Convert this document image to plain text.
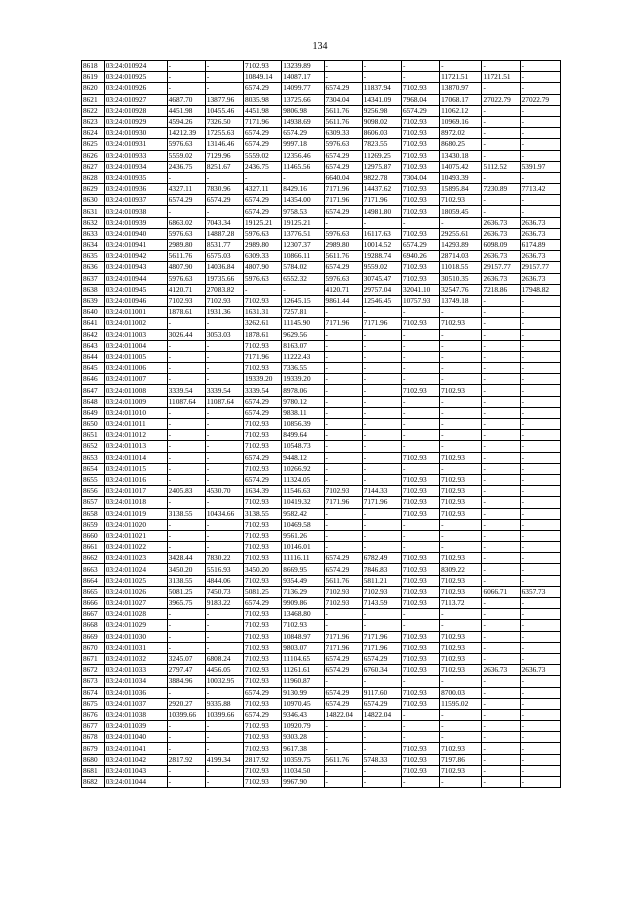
134
8618	03:24:010924	-	-	7102.93	13239.89	-	-	-	-	-	-
8619	03:24:010925	-	-	10849.14	14087.17	-	-	-	11721.51	11721.51	-
8620	03:24:010926	-	-	6574.29	14099.77	6574.29	11837.94	7102.93	13870.97	-	-
8621	03:24:010927	4687.70	13877.96	8035.98	13725.66	7304.04	14341.09	7968.04	17068.17	27022.79	27022.79
8622	03:24:010928	4451.98	10455.46	4451.98	9806.98	5611.76	9256.98	6574.29	11062.12	-	-
8623	03:24:010929	4594.26	7326.50	7171.96	14938.69	5611.76	9098.02	7102.93	10969.16	-	-
8624	03:24:010930	14212.39	17255.63	6574.29	6574.29	6309.33	8606.03	7102.93	8972.02	-	-
8625	03:24:010931	5976.63	13146.46	6574.29	9997.18	5976.63	7823.55	7102.93	8680.25	-	-
8626	03:24:010933	5559.02	7129.96	5559.02	12356.46	6574.29	11269.25	7102.93	13430.18	-	-
8627	03:24:010934	2436.75	8251.67	2436.75	11465.56	6574.29	12975.87	7102.93	14075.42	5112.52	5391.97
8628	03:24:010935	-	-	-	-	6640.04	9822.78	7304.04	10493.39	-	-
8629	03:24:010936	4327.11	7830.96	4327.11	8429.16	7171.96	14437.62	7102.93	15895.84	7230.89	7713.42
8630	03:24:010937	6574.29	6574.29	6574.29	14354.00	7171.96	7171.96	7102.93	7102.93	-	-
8631	03:24:010938	-	-	6574.29	9758.53	6574.29	14981.80	7102.93	18059.45	-	-
8632	03:24:010939	6863.02	7043.34	19125.21	19125.21	-	-	-	-	2636.73	2636.73
8633	03:24:010940	5976.63	14887.28	5976.63	13776.51	5976.63	16117.63	7102.93	29255.61	2636.73	2636.73
8634	03:24:010941	2989.80	8531.77	2989.80	12307.37	2989.80	10014.52	6574.29	14293.89	6098.09	6174.89
8635	03:24:010942	5611.76	6575.03	6309.33	10866.11	5611.76	19288.74	6940.26	28714.03	2636.73	2636.73
8636	03:24:010943	4807.90	14036.84	4807.90	5784.02	6574.29	9559.02	7102.93	11018.55	29157.77	29157.77
8637	03:24:010944	5976.63	19735.66	5976.63	6552.32	5976.63	30745.47	7102.93	30510.35	2636.73	2636.73
8638	03:24:010945	4120.71	27083.82	-	-	4120.71	29757.04	32041.10	32547.76	7218.86	17948.82
8639	03:24:010946	7102.93	7102.93	7102.93	12645.15	9861.44	12546.45	10757.93	13749.18	-	-
8640	03:24:011001	1878.61	1931.36	1631.31	7257.81	-	-	-	-	-	-
8641	03:24:011002	-	-	3262.61	11145.90	7171.96	7171.96	7102.93	7102.93	-	-
8642	03:24:011003	3026.44	3053.03	1878.61	9629.56	-	-	-	-	-	-
8643	03:24:011004	-	-	7102.93	8163.07	-	-	-	-	-	-
8644	03:24:011005	-	-	7171.96	11222.43	-	-	-	-	-	-
8645	03:24:011006	-	-	7102.93	7336.55	-	-	-	-	-	-
8646	03:24:011007	-	-	19339.20	19339.20	-	-	-	-	-	-
8647	03:24:011008	3339.54	3339.54	3339.54	8978.06	-	-	7102.93	7102.93	-	-
8648	03:24:011009	11087.64	11087.64	6574.29	9780.12	-	-	-	-	-	-
8649	03:24:011010	-	-	6574.29	9838.11	-	-	-	-	-	-
8650	03:24:011011	-	-	7102.93	10856.39	-	-	-	-	-	-
8651	03:24:011012	-	-	7102.93	8499.64	-	-	-	-	-	-
8652	03:24:011013	-	-	7102.93	10548.73	-	-	-	-	-	-
8653	03:24:011014	-	-	6574.29	9448.12	-	-	7102.93	7102.93	-	-
8654	03:24:011015	-	-	7102.93	10266.92	-	-	-	-	-	-
8655	03:24:011016	-	-	6574.29	11324.05	-	-	7102.93	7102.93	-	-
8656	03:24:011017	2405.83	4530.70	1634.39	11546.63	7102.93	7144.33	7102.93	7102.93	-	-
8657	03:24:011018	-	-	7102.93	10419.32	7171.96	7171.96	7102.93	7102.93	-	-
8658	03:24:011019	3138.55	10434.66	3138.55	9582.42	-	-	7102.93	7102.93	-	-
8659	03:24:011020	-	-	7102.93	10469.58	-	-	-	-	-	-
8660	03:24:011021	-	-	7102.93	9561.26	-	-	-	-	-	-
8661	03:24:011022	-	-	7102.93	10146.01	-	-	-	-	-	-
8662	03:24:011023	3428.44	7830.22	7102.93	11116.11	6574.29	6782.49	7102.93	7102.93	-	-
8663	03:24:011024	3450.20	5516.93	3450.20	8669.95	6574.29	7846.83	7102.93	8309.22	-	-
8664	03:24:011025	3138.55	4844.06	7102.93	9354.49	5611.76	5811.21	7102.93	7102.93	-	-
8665	03:24:011026	5081.25	7450.73	5081.25	7136.29	7102.93	7102.93	7102.93	7102.93	6066.71	6357.73
8666	03:24:011027	3965.75	9183.22	6574.29	9909.86	7102.93	7143.59	7102.93	7113.72	-	-
8667	03:24:011028	-	-	7102.93	13468.80	-	-	-	-	-	-
8668	03:24:011029	-	-	7102.93	7102.93	-	-	-	-	-	-
8669	03:24:011030	-	-	7102.93	10848.97	7171.96	7171.96	7102.93	7102.93	-	-
8670	03:24:011031	-	-	7102.93	9803.07	7171.96	7171.96	7102.93	7102.93	-	-
8671	03:24:011032	3245.07	6808.24	7102.93	11104.65	6574.29	6574.29	7102.93	7102.93	-	-
8672	03:24:011033	2797.47	4456.05	7102.93	11261.61	6574.29	6760.34	7102.93	7102.93	2636.73	2636.73
8673	03:24:011034	3884.96	10032.95	7102.93	11960.87	-	-	-	-	-	-
8674	03:24:011036	-	-	6574.29	9130.99	6574.29	9117.60	7102.93	8700.03	-	-
8675	03:24:011037	2920.27	9335.88	7102.93	10970.45	6574.29	6574.29	7102.93	11595.02	-	-
8676	03:24:011038	10399.66	10399.66	6574.29	9346.43	14822.04	14822.04	-	-	-	-
8677	03:24:011039	-	-	7102.93	10920.79	-	-	-	-	-	-
8678	03:24:011040	-	-	7102.93	9303.28	-	-	-	-	-	-
8679	03:24:011041	-	-	7102.93	9617.38	-	-	7102.93	7102.93	-	-
8680	03:24:011042	2817.92	4199.34	2817.92	10359.75	5611.76	5748.33	7102.93	7197.86	-	-
8681	03:24:011043	-	-	7102.93	11034.50	-	-	7102.93	7102.93	-	-
8682	03:24:011044	-	-	7102.93	9967.90	-	-	-	-	-	-
